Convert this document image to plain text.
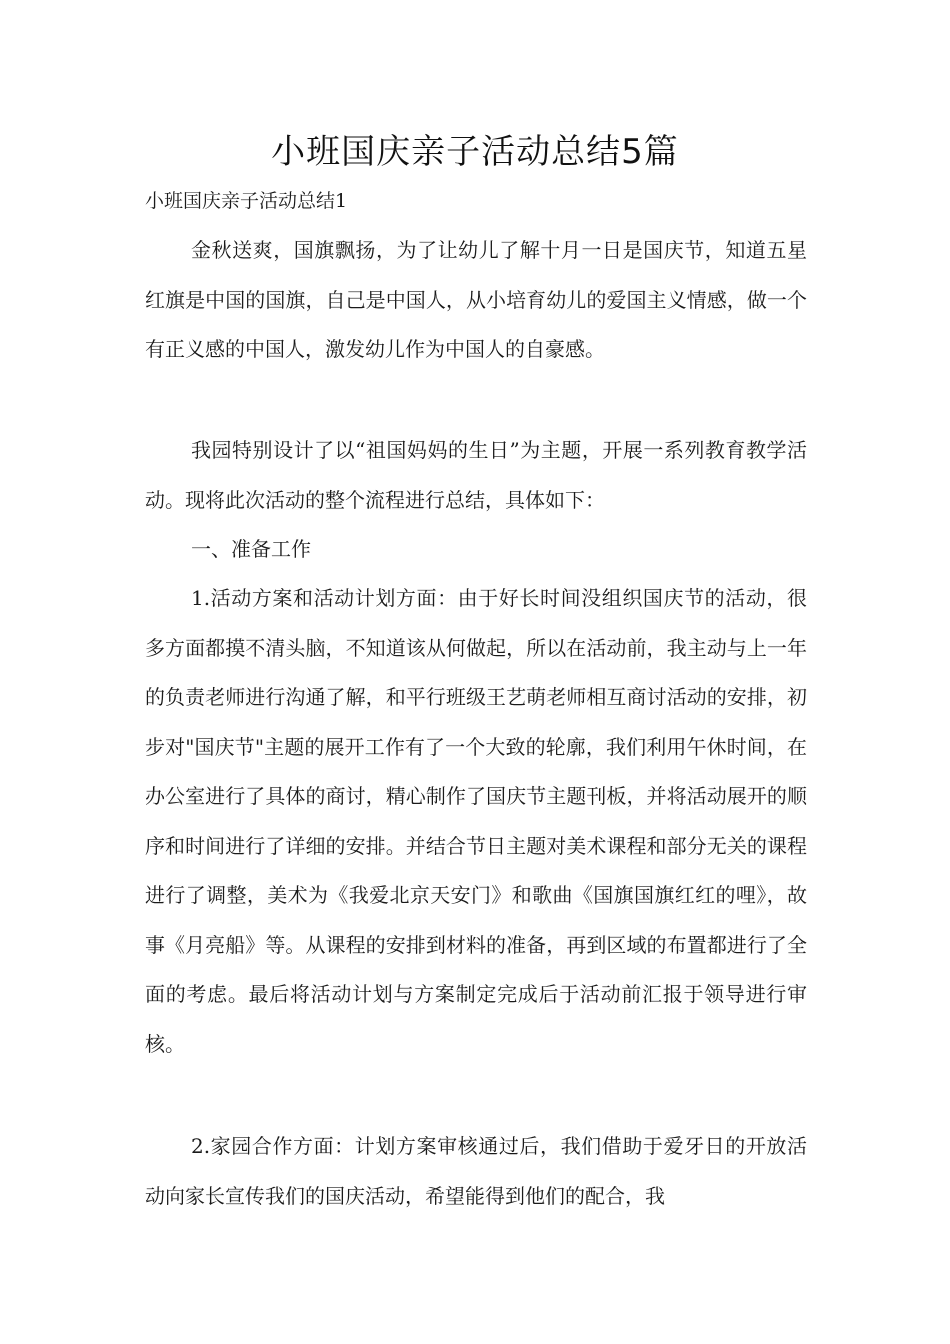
小班国庆亲子活动总结5篇

小班国庆亲子活动总结1

金秋送爽，国旗飘扬，为了让幼儿了解十月一日是国庆节，知道五星红旗是中国的国旗，自己是中国人，从小培育幼儿的爱国主义情感，做一个有正义感的中国人，激发幼儿作为中国人的自豪感。

我园特别设计了以“祖国妈妈的生日”为主题，开展一系列教育教学活动。现将此次活动的整个流程进行总结，具体如下：

一、准备工作

1.活动方案和活动计划方面：由于好长时间没组织国庆节的活动，很多方面都摸不清头脑，不知道该从何做起，所以在活动前，我主动与上一年的负责老师进行沟通了解，和平行班级王艺萌老师相互商讨活动的安排，初步对"国庆节"主题的展开工作有了一个大致的轮廓，我们利用午休时间，在办公室进行了具体的商讨，精心制作了国庆节主题刊板，并将活动展开的顺序和时间进行了详细的安排。并结合节日主题对美术课程和部分无关的课程进行了调整，美术为《我爱北京天安门》和歌曲《国旗国旗红红的哩》，故事《月亮船》等。从课程的安排到材料的准备，再到区域的布置都进行了全面的考虑。最后将活动计划与方案制定完成后于活动前汇报于领导进行审核。

2.家园合作方面：计划方案审核通过后，我们借助于爱牙日的开放活动向家长宣传我们的国庆活动，希望能得到他们的配合，我
